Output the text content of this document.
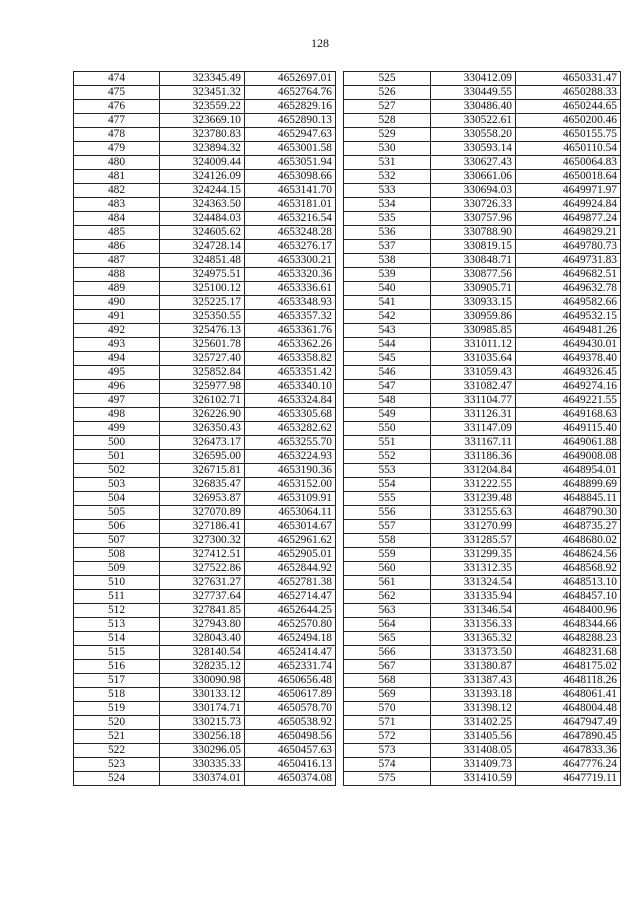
128
474	323345.49	4652697.01
475	323451.32	4652764.76
476	323559.22	4652829.16
477	323669.10	4652890.13
478	323780.83	4652947.63
479	323894.32	4653001.58
480	324009.44	4653051.94
481	324126.09	4653098.66
482	324244.15	4653141.70
483	324363.50	4653181.01
484	324484.03	4653216.54
485	324605.62	4653248.28
486	324728.14	4653276.17
487	324851.48	4653300.21
488	324975.51	4653320.36
489	325100.12	4653336.61
490	325225.17	4653348.93
491	325350.55	4653357.32
492	325476.13	4653361.76
493	325601.78	4653362.26
494	325727.40	4653358.82
495	325852.84	4653351.42
496	325977.98	4653340.10
497	326102.71	4653324.84
498	326226.90	4653305.68
499	326350.43	4653282.62
500	326473.17	4653255.70
501	326595.00	4653224.93
502	326715.81	4653190.36
503	326835.47	4653152.00
504	326953.87	4653109.91
505	327070.89	4653064.11
506	327186.41	4653014.67
507	327300.32	4652961.62
508	327412.51	4652905.01
509	327522.86	4652844.92
510	327631.27	4652781.38
511	327737.64	4652714.47
512	327841.85	4652644.25
513	327943.80	4652570.80
514	328043.40	4652494.18
515	328140.54	4652414.47
516	328235.12	4652331.74
517	330090.98	4650656.48
518	330133.12	4650617.89
519	330174.71	4650578.70
520	330215.73	4650538.92
521	330256.18	4650498.56
522	330296.05	4650457.63
523	330335.33	4650416.13
524	330374.01	4650374.08
525	330412.09	4650331.47
526	330449.55	4650288.33
527	330486.40	4650244.65
528	330522.61	4650200.46
529	330558.20	4650155.75
530	330593.14	4650110.54
531	330627.43	4650064.83
532	330661.06	4650018.64
533	330694.03	4649971.97
534	330726.33	4649924.84
535	330757.96	4649877.24
536	330788.90	4649829.21
537	330819.15	4649780.73
538	330848.71	4649731.83
539	330877.56	4649682.51
540	330905.71	4649632.78
541	330933.15	4649582.66
542	330959.86	4649532.15
543	330985.85	4649481.26
544	331011.12	4649430.01
545	331035.64	4649378.40
546	331059.43	4649326.45
547	331082.47	4649274.16
548	331104.77	4649221.55
549	331126.31	4649168.63
550	331147.09	4649115.40
551	331167.11	4649061.88
552	331186.36	4649008.08
553	331204.84	4648954.01
554	331222.55	4648899.69
555	331239.48	4648845.11
556	331255.63	4648790.30
557	331270.99	4648735.27
558	331285.57	4648680.02
559	331299.35	4648624.56
560	331312.35	4648568.92
561	331324.54	4648513.10
562	331335.94	4648457.10
563	331346.54	4648400.96
564	331356.33	4648344.66
565	331365.32	4648288.23
566	331373.50	4648231.68
567	331380.87	4648175.02
568	331387.43	4648118.26
569	331393.18	4648061.41
570	331398.12	4648004.48
571	331402.25	4647947.49
572	331405.56	4647890.45
573	331408.05	4647833.36
574	331409.73	4647776.24
575	331410.59	4647719.11
